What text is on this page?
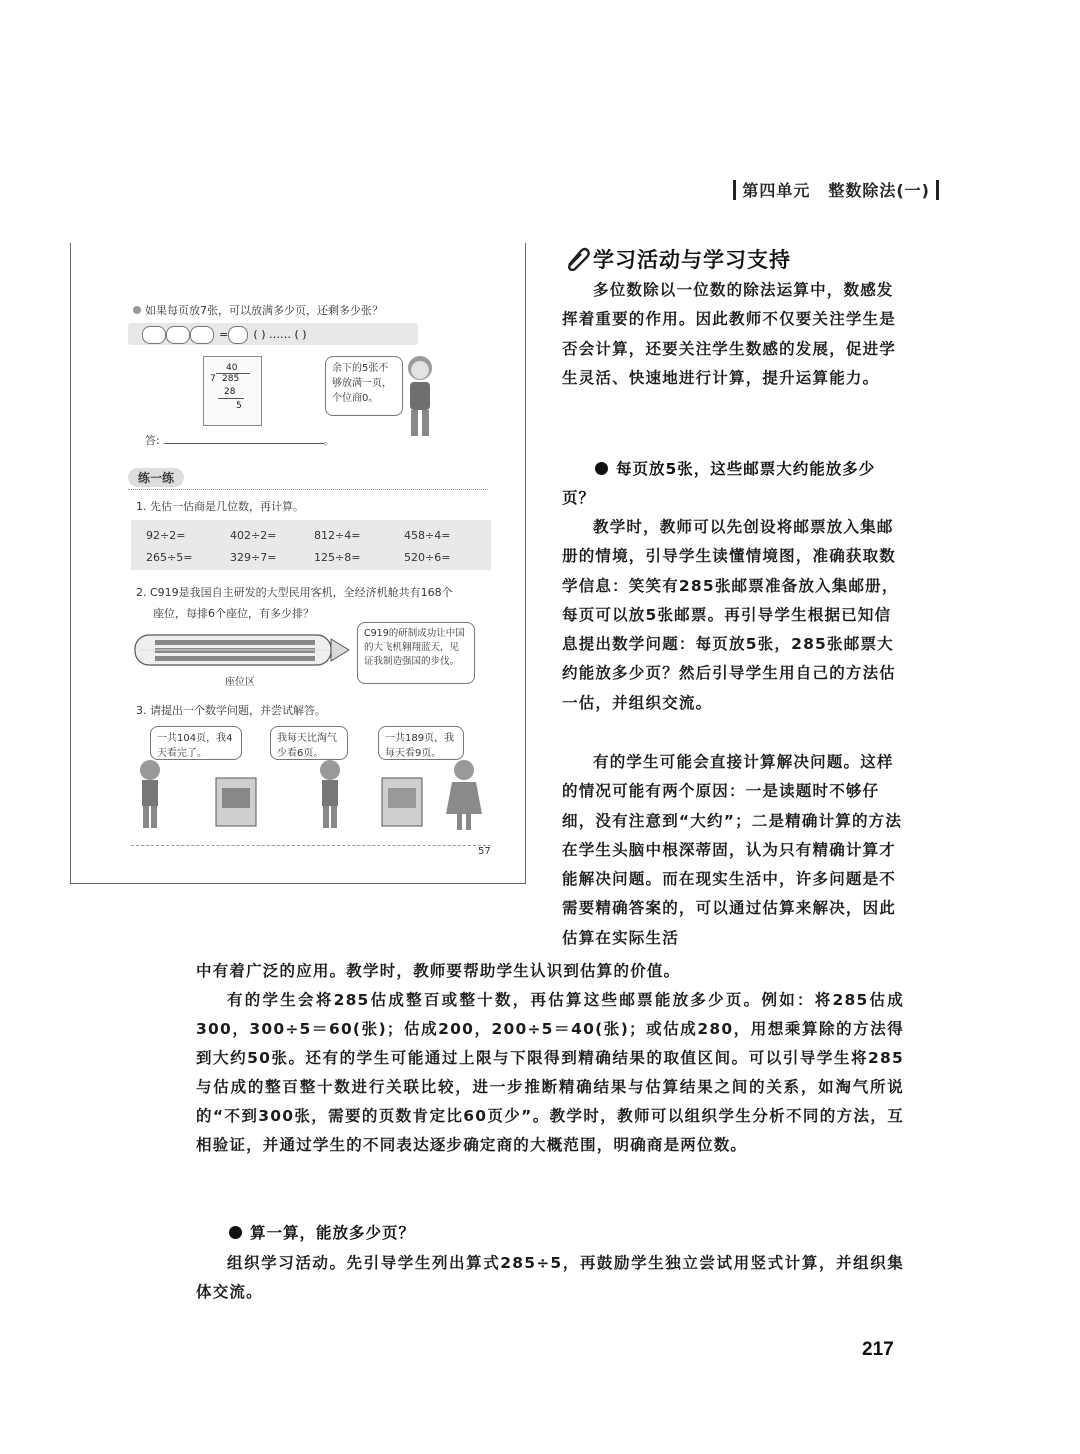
第四单元 整数除法(一)
如果每页放7张，可以放满多少页，还剩多少张？
= ( ) …… ( )
40
7 285
28
5
余下的5张不够放满一页，个位商0。
答:	。
练一练
1. 先估一估商是几位数，再计算。
92÷2=	402÷2=	812÷4=	458÷4=
265÷5=	329÷7=	125÷8=	520÷6=
2. C919是我国自主研发的大型民用客机，全经济机舱共有168个
座位，每排6个座位，有多少排？
座位区
C919的研制成功让中国的大飞机翱翔蓝天，见证我制造强国的步伐。
3. 请提出一个数学问题，并尝试解答。
一共104页，我4天看完了。
我每天比淘气少看6页。
一共189页，我每天看9页。
57
学习活动与学习支持
多位数除以一位数的除法运算中，数感发挥着重要的作用。因此教师不仅要关注学生是否会计算，还要关注学生数感的发展，促进学生灵活、快速地进行计算，提升运算能力。
每页放5张，这些邮票大约能放多少页？
教学时，教师可以先创设将邮票放入集邮册的情境，引导学生读懂情境图，准确获取数学信息：笑笑有285张邮票准备放入集邮册，每页可以放5张邮票。再引导学生根据已知信息提出数学问题：每页放5张，285张邮票大约能放多少页？然后引导学生用自己的方法估一估，并组织交流。
有的学生可能会直接计算解决问题。这样的情况可能有两个原因：一是读题时不够仔细，没有注意到“大约”；二是精确计算的方法在学生头脑中根深蒂固，认为只有精确计算才能解决问题。而在现实生活中，许多问题是不需要精确答案的，可以通过估算来解决，因此估算在实际生活
中有着广泛的应用。教学时，教师要帮助学生认识到估算的价值。
有的学生会将285估成整百或整十数，再估算这些邮票能放多少页。例如：将285估成300，300÷5＝60(张)；估成200，200÷5＝40(张)；或估成280，用想乘算除的方法得到大约50张。还有的学生可能通过上限与下限得到精确结果的取值区间。可以引导学生将285与估成的整百整十数进行关联比较，进一步推断精确结果与估算结果之间的关系，如淘气所说的“不到300张，需要的页数肯定比60页少”。教学时，教师可以组织学生分析不同的方法，互相验证，并通过学生的不同表达逐步确定商的大概范围，明确商是两位数。
算一算，能放多少页？
组织学习活动。先引导学生列出算式285÷5，再鼓励学生独立尝试用竖式计算，并组织集体交流。
217
